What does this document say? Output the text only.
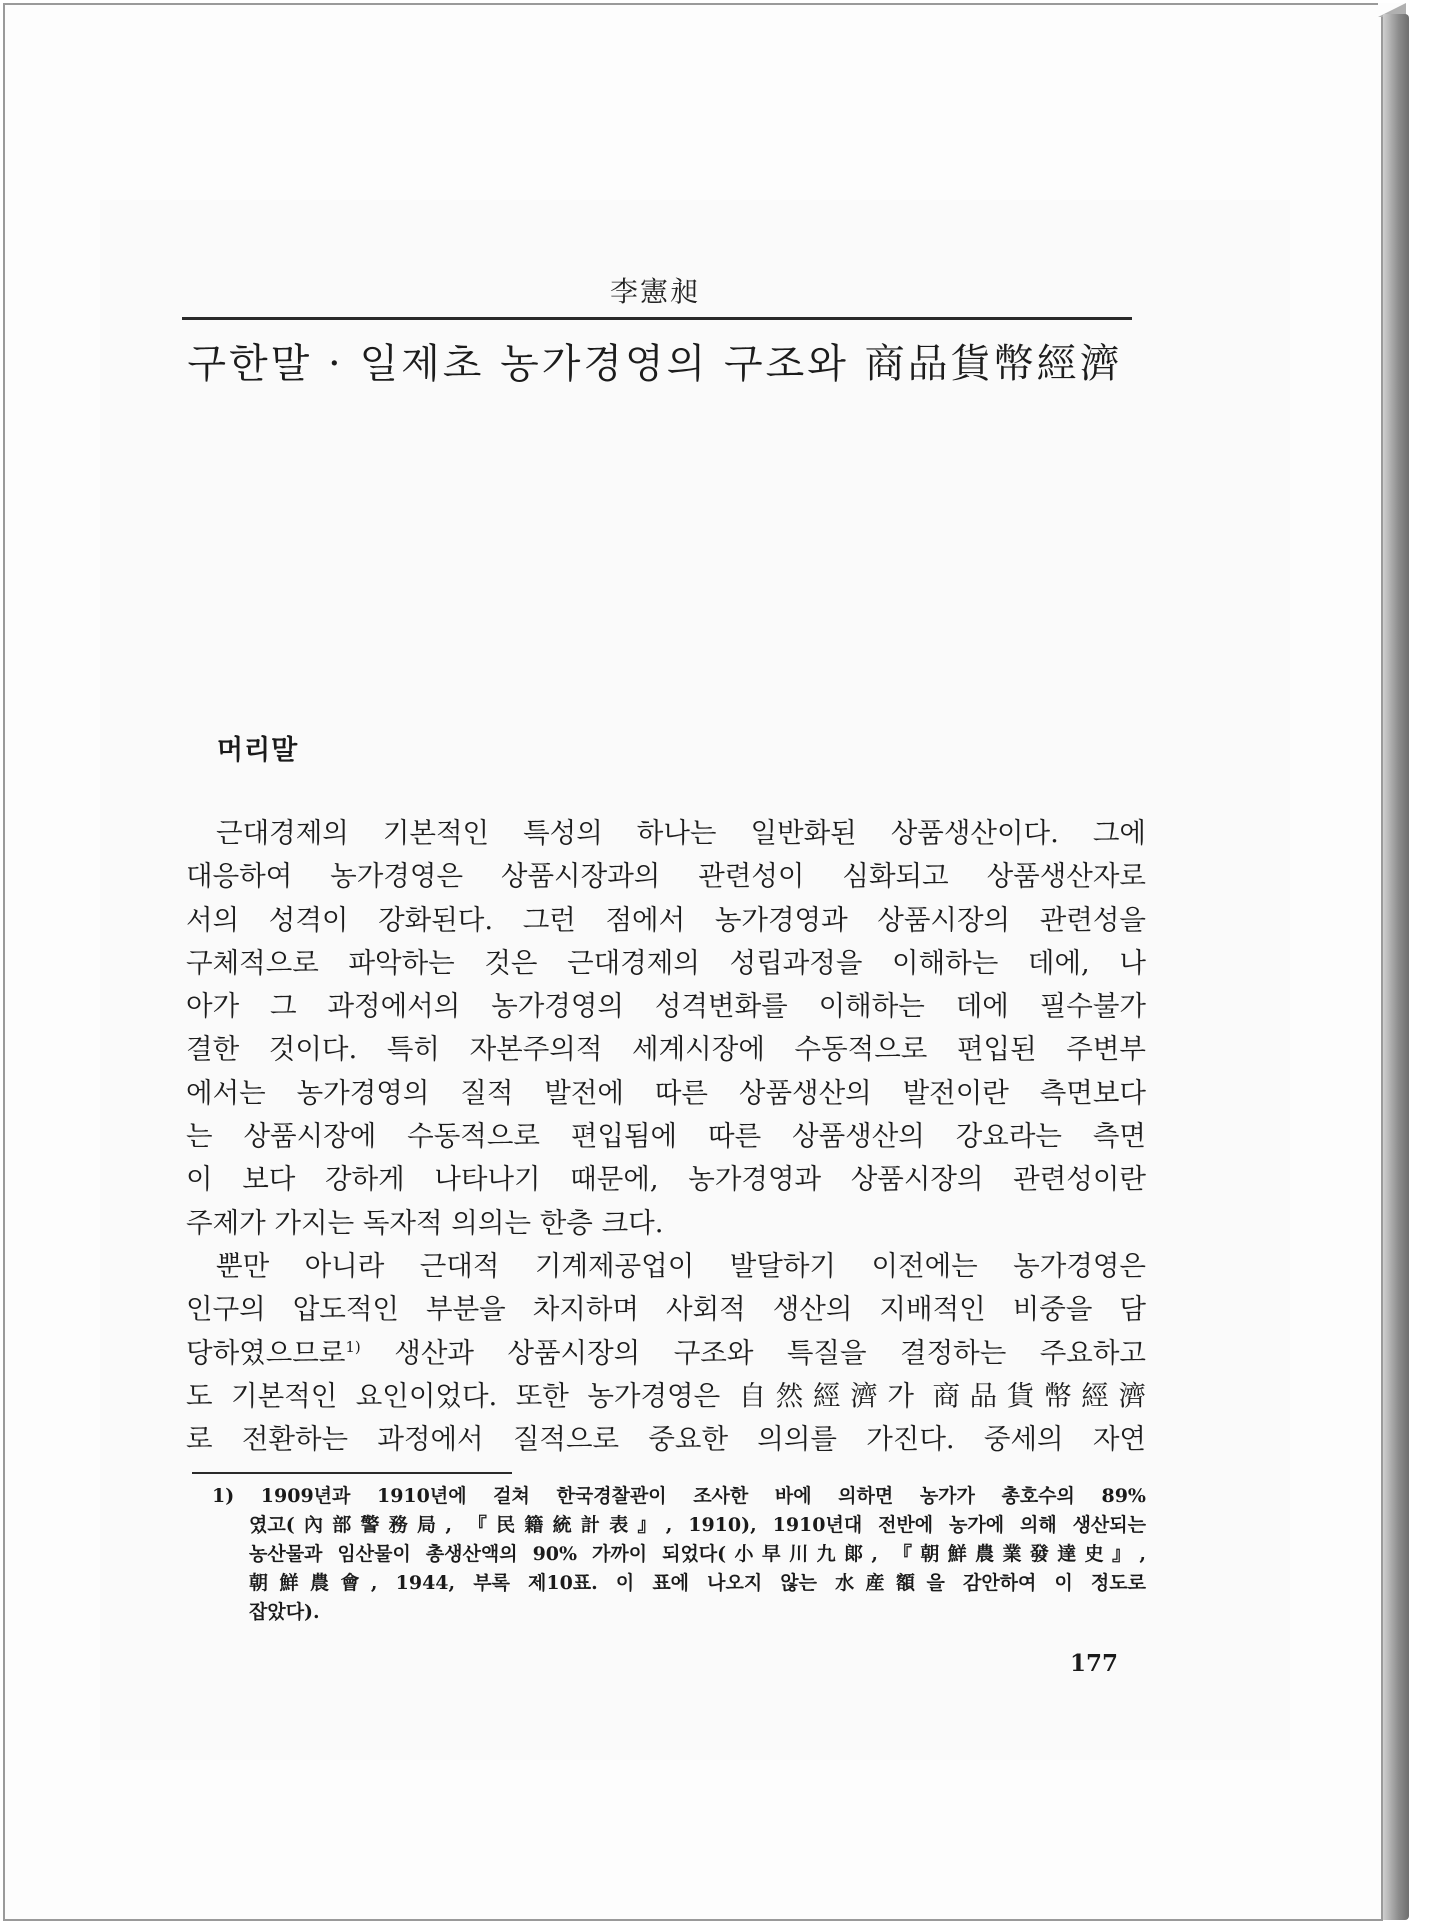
李憲昶
구한말 · 일제초 농가경영의 구조와 商品貨幣經濟
머리말
근대경제의 기본적인 특성의 하나는 일반화된 상품생산이다. 그에
대응하여 농가경영은 상품시장과의 관련성이 심화되고 상품생산자로
서의 성격이 강화된다. 그런 점에서 농가경영과 상품시장의 관련성을
구체적으로 파악하는 것은 근대경제의 성립과정을 이해하는 데에, 나
아가 그 과정에서의 농가경영의 성격변화를 이해하는 데에 필수불가
결한 것이다. 특히 자본주의적 세계시장에 수동적으로 편입된 주변부
에서는 농가경영의 질적 발전에 따른 상품생산의 발전이란 측면보다
는 상품시장에 수동적으로 편입됨에 따른 상품생산의 강요라는 측면
이 보다 강하게 나타나기 때문에, 농가경영과 상품시장의 관련성이란
주제가 가지는 독자적 의의는 한층 크다.
뿐만 아니라 근대적 기계제공업이 발달하기 이전에는 농가경영은
인구의 압도적인 부분을 차지하며 사회적 생산의 지배적인 비중을 담
당하였으므로$^{1)}$ 생산과 상품시장의 구조와 특질을 결정하는 주요하고
도 기본적인 요인이었다. 또한 농가경영은 自然經濟가 商品貨幣經濟
로 전환하는 과정에서 질적으로 중요한 의의를 가진다. 중세의 자연
1) 1909년과 1910년에 걸쳐 한국경찰관이 조사한 바에 의하면 농가가 총호수의 89%
였고(內部警務局, 『民籍統計表』, 1910), 1910년대 전반에 농가에 의해 생산되는
농산물과 임산물이 총생산액의 90% 가까이 되었다(小早川九郞, 『朝鮮農業發達史』,
朝鮮農會, 1944, 부록 제10표. 이 표에 나오지 않는 水産額을 감안하여 이 정도로
잡았다).
177
